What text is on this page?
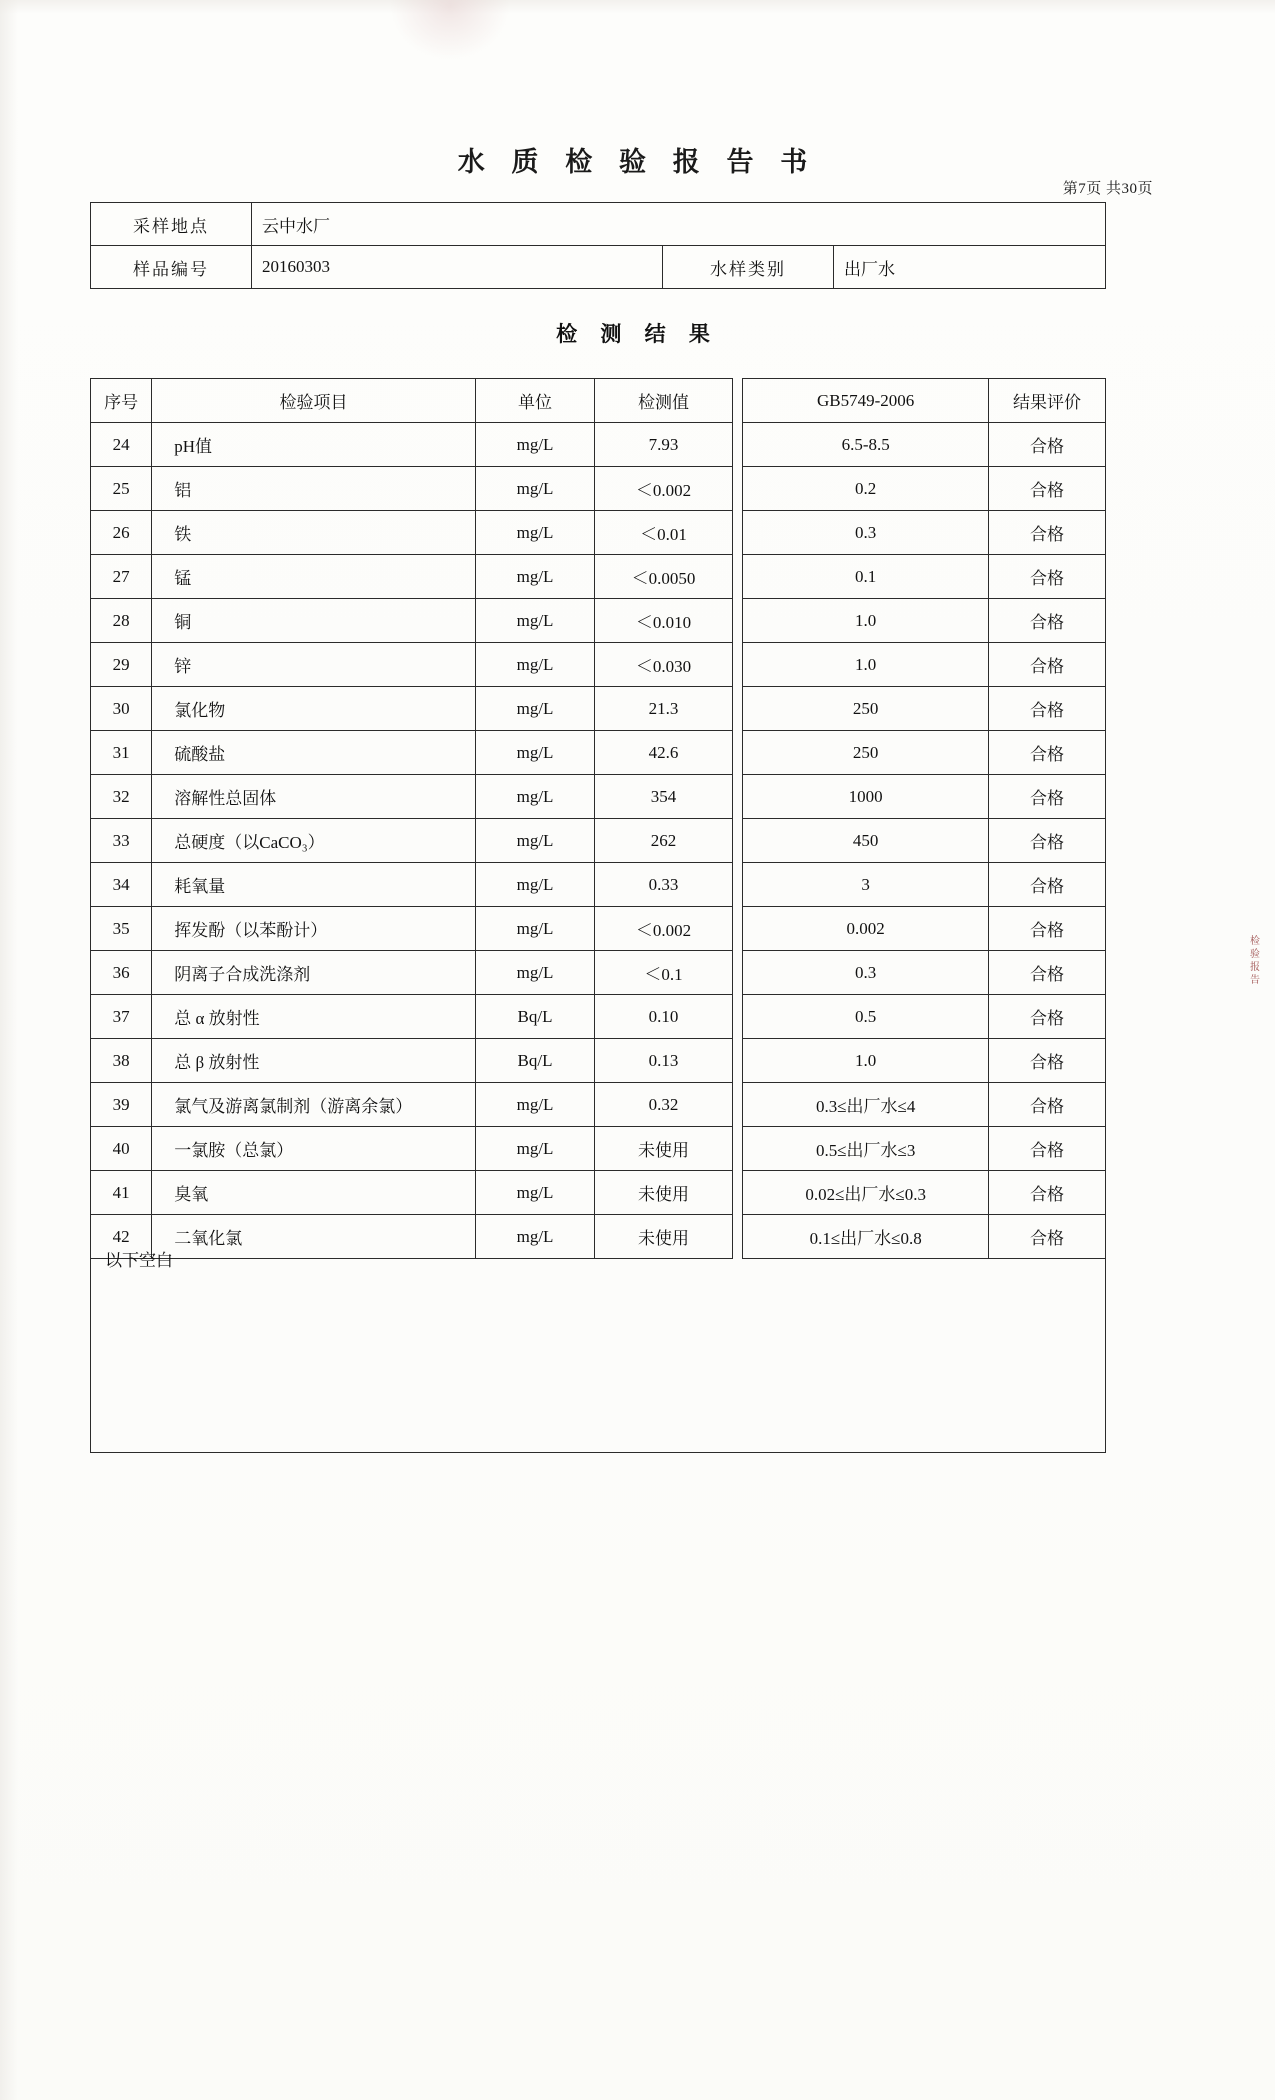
水 质 检 验 报 告 书
第7页 共30页
采样地点	云中水厂		
样品编号	20160303	水样类别	出厂水
检 测 结 果
序号	检验项目	单位	检测值		GB5749-2006	结果评价
24	pH值	mg/L	7.93		6.5-8.5	合格
25	铝	mg/L	＜0.002		0.2	合格
26	铁	mg/L	＜0.01		0.3	合格
27	锰	mg/L	＜0.0050		0.1	合格
28	铜	mg/L	＜0.010		1.0	合格
29	锌	mg/L	＜0.030		1.0	合格
30	氯化物	mg/L	21.3		250	合格
31	硫酸盐	mg/L	42.6		250	合格
32	溶解性总固体	mg/L	354		1000	合格
33	总硬度（以CaCO₃）	mg/L	262		450	合格
34	耗氧量	mg/L	0.33		3	合格
35	挥发酚（以苯酚计）	mg/L	＜0.002		0.002	合格
36	阴离子合成洗涤剂	mg/L	＜0.1		0.3	合格
37	总 α 放射性	Bq/L	0.10		0.5	合格
38	总 β 放射性	Bq/L	0.13		1.0	合格
39	氯气及游离氯制剂（游离余氯）	mg/L	0.32		0.3≤出厂水≤4	合格
40	一氯胺（总氯）	mg/L	未使用		0.5≤出厂水≤3	合格
41	臭氧	mg/L	未使用		0.02≤出厂水≤0.3	合格
42	二氧化氯	mg/L	未使用		0.1≤出厂水≤0.8	合格
以下空白
检
验
报
告
